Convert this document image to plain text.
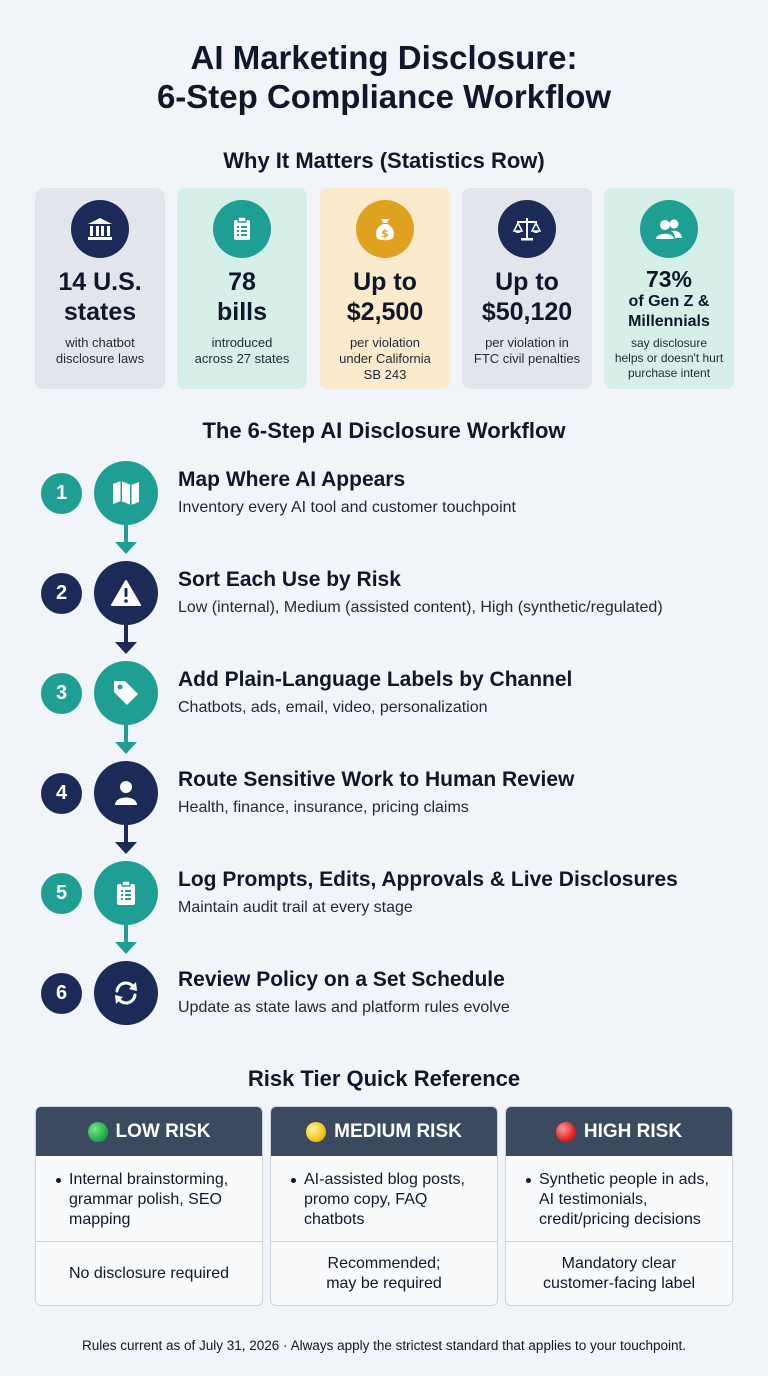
AI Marketing Disclosure:
6-Step Compliance Workflow
Why It Matters (Statistics Row)
14 U.S.
states
with chatbot
disclosure laws
78
bills
introduced
across 27 states
$
Up to
$2,500
per violation
under California
SB 243
Up to
$50,120
per violation in
FTC civil penalties
73%
of Gen Z &
Millennials
say disclosure
helps or doesn't hurt
purchase intent
The 6-Step AI Disclosure Workflow
1
Map Where AI Appears
Inventory every AI tool and customer touchpoint
2
Sort Each Use by Risk
Low (internal), Medium (assisted content), High (synthetic/regulated)
3
Add Plain-Language Labels by Channel
Chatbots, ads, email, video, personalization
4
Route Sensitive Work to Human Review
Health, finance, insurance, pricing claims
5
Log Prompts, Edits, Approvals & Live Disclosures
Maintain audit trail at every stage
6
Review Policy on a Set Schedule
Update as state laws and platform rules evolve
Risk Tier Quick Reference
LOW RISK
Internal brainstorming, grammar polish, SEO mapping
No disclosure required
MEDIUM RISK
AI-assisted blog posts, promo copy, FAQ chatbots
Recommended;
may be required
HIGH RISK
Synthetic people in ads, AI testimonials, credit/pricing decisions
Mandatory clear
customer-facing label
Rules current as of July 31, 2026 · Always apply the strictest standard that applies to your touchpoint.
